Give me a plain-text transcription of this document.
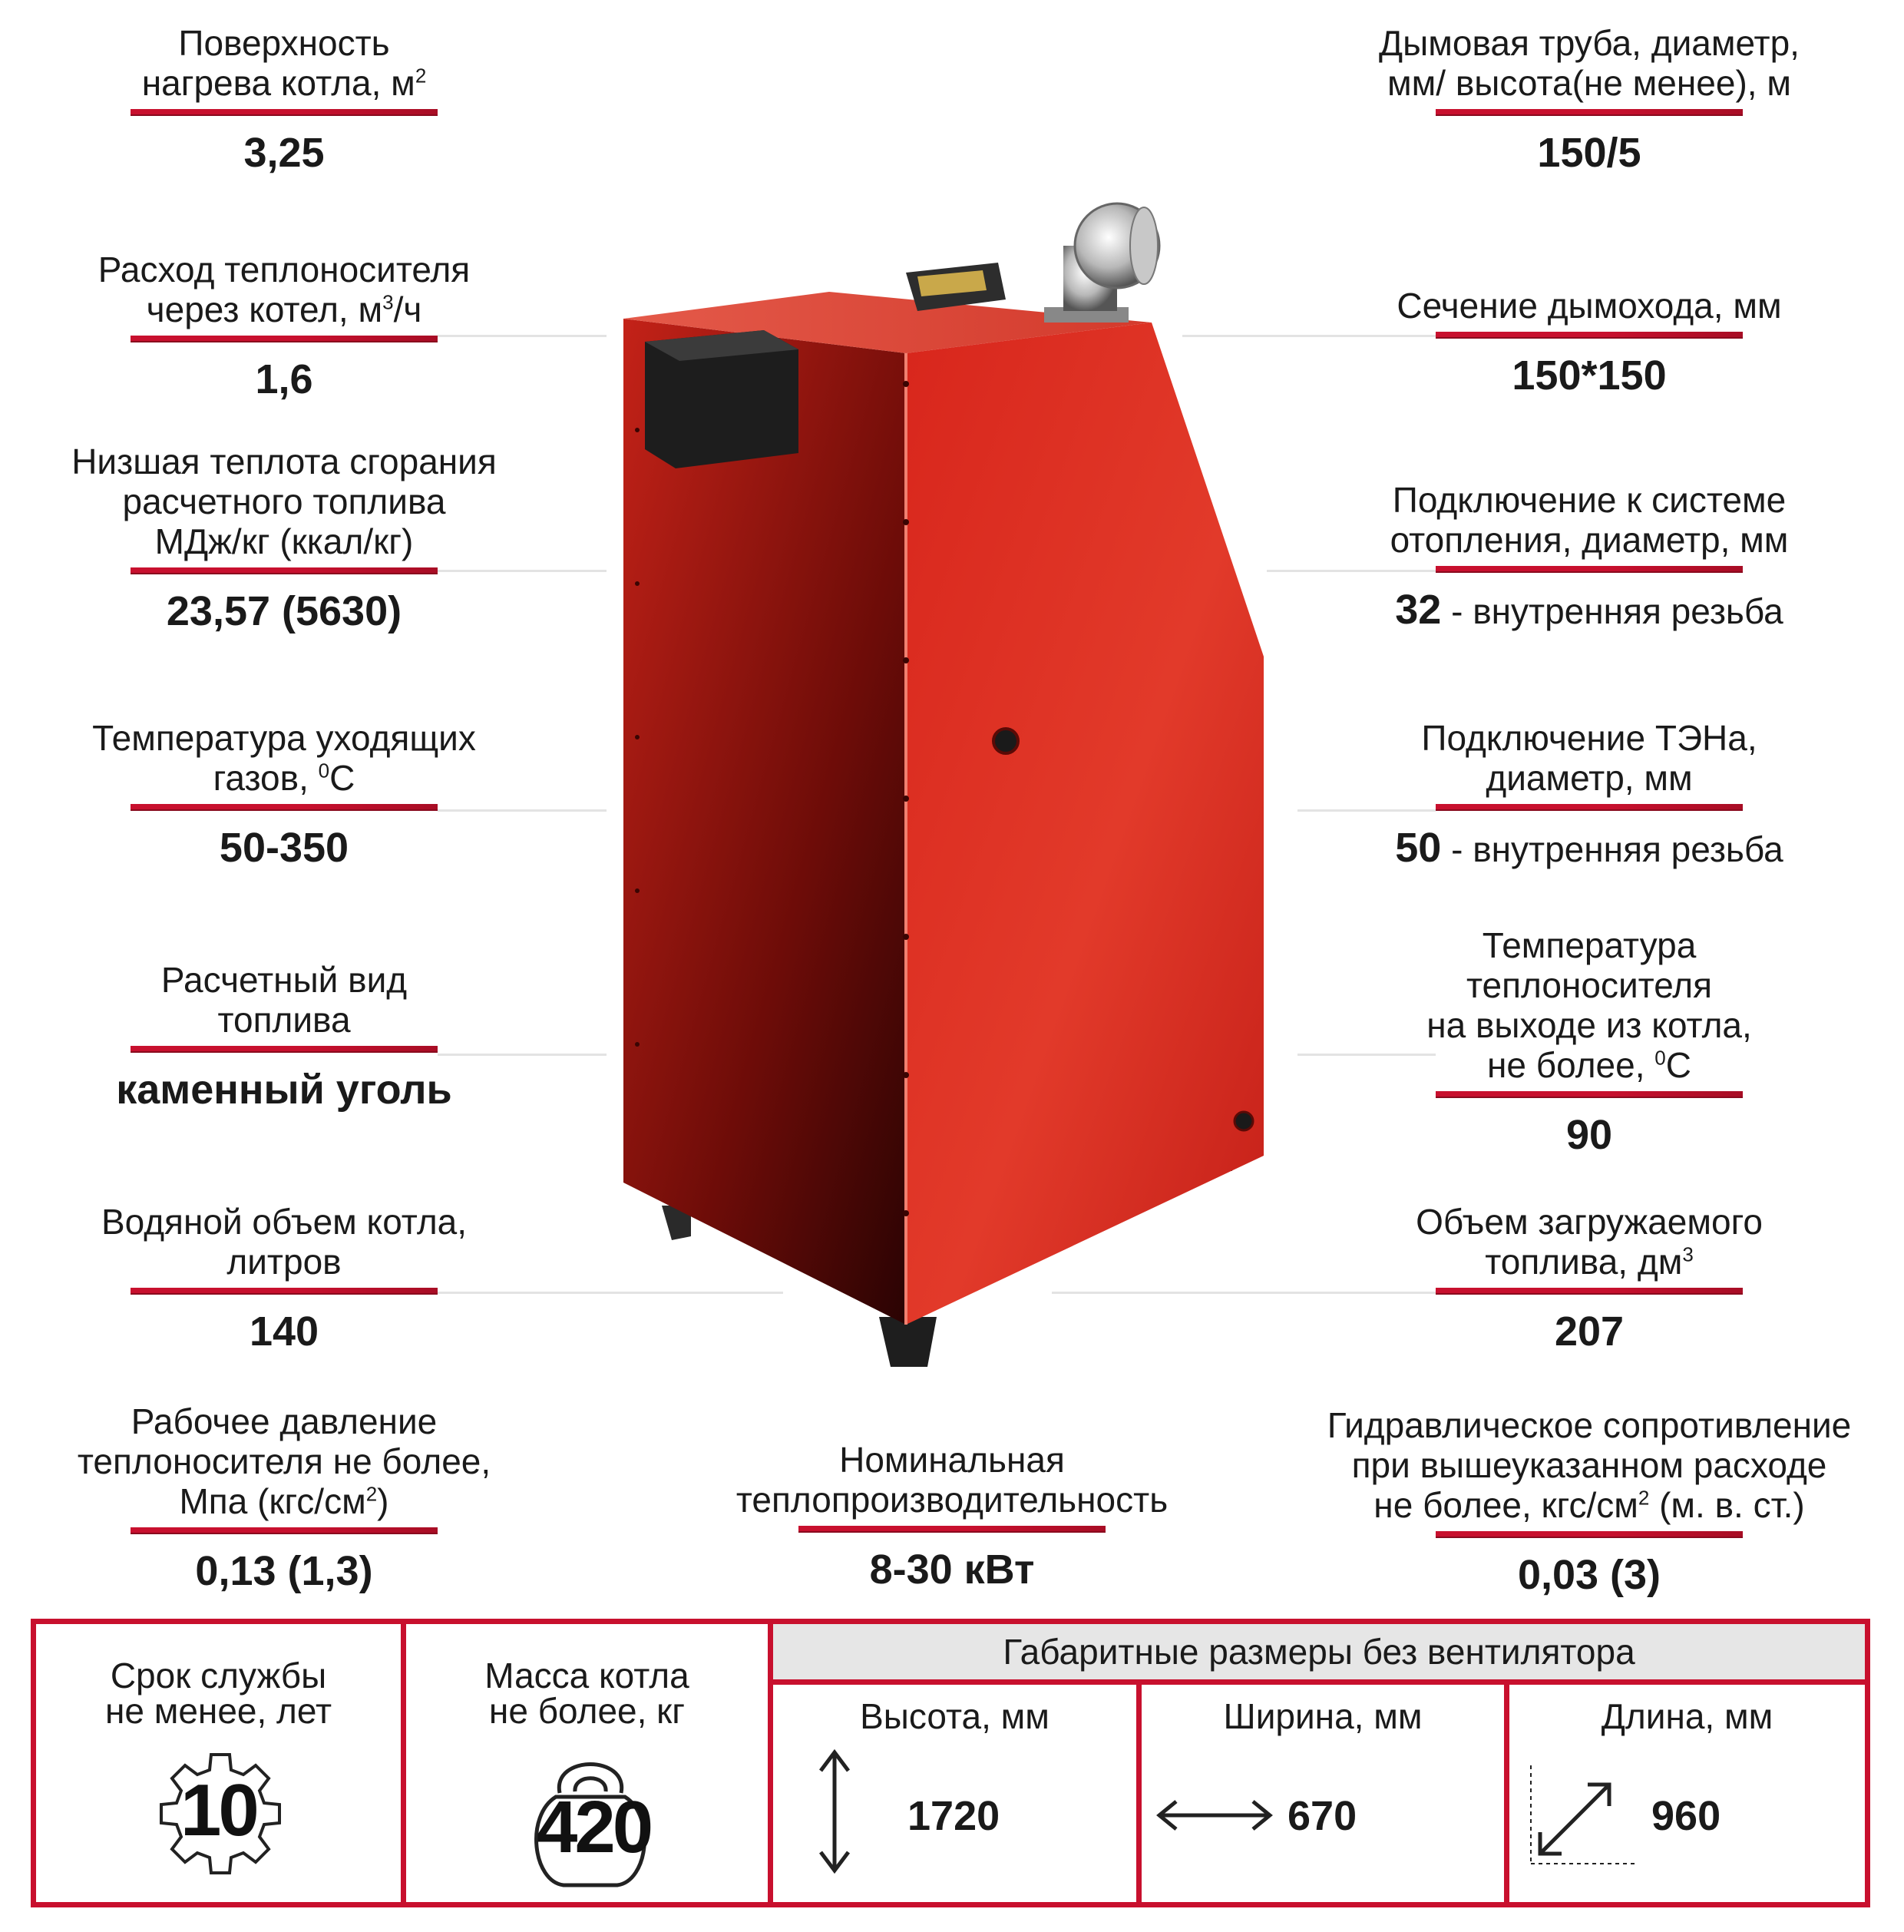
Поверхность
нагрева котла, $м^2$
3,25
Расход теплоносителя
через котел, $м^3/ч$
1,6
Низшая теплота сгорания
расчетного топлива
МДж/кг (ккал/кг)
23,57 (5630)
Температура уходящих
газов, $^0$С
50-350
Расчетный вид
топлива
каменный уголь
Водяной объем котла,
литров
140
Рабочее давление
теплоносителя не более,
Мпа $(кгс/см^2)$
0,13 (1,3)
Дымовая труба, диаметр,
мм/ высота(не менее), м
150/5
Сечение дымохода, мм
150*150
Подключение к системе
отопления, диаметр, мм
32 - внутренняя резьба
Подключение ТЭНа,
диаметр, мм
50 - внутренняя резьба
Температура теплоносителя
на выходе из котла,
не более, $^0$С
90
Объем загружаемого
топлива, $дм^3$
207
Гидравлическое сопротивление
при вышеуказанном расходе
не более, кгс/$см^2$ (м. в. ст.)
0,03 (3)
Номинальная
теплопроизводительность
8-30 кВт
Срок службы
не менее, лет
10
Масса котла
не более, кг
420
Габаритные размеры без вентилятора
Высота, мм
1720
Ширина, мм
670
Длина, мм
960
